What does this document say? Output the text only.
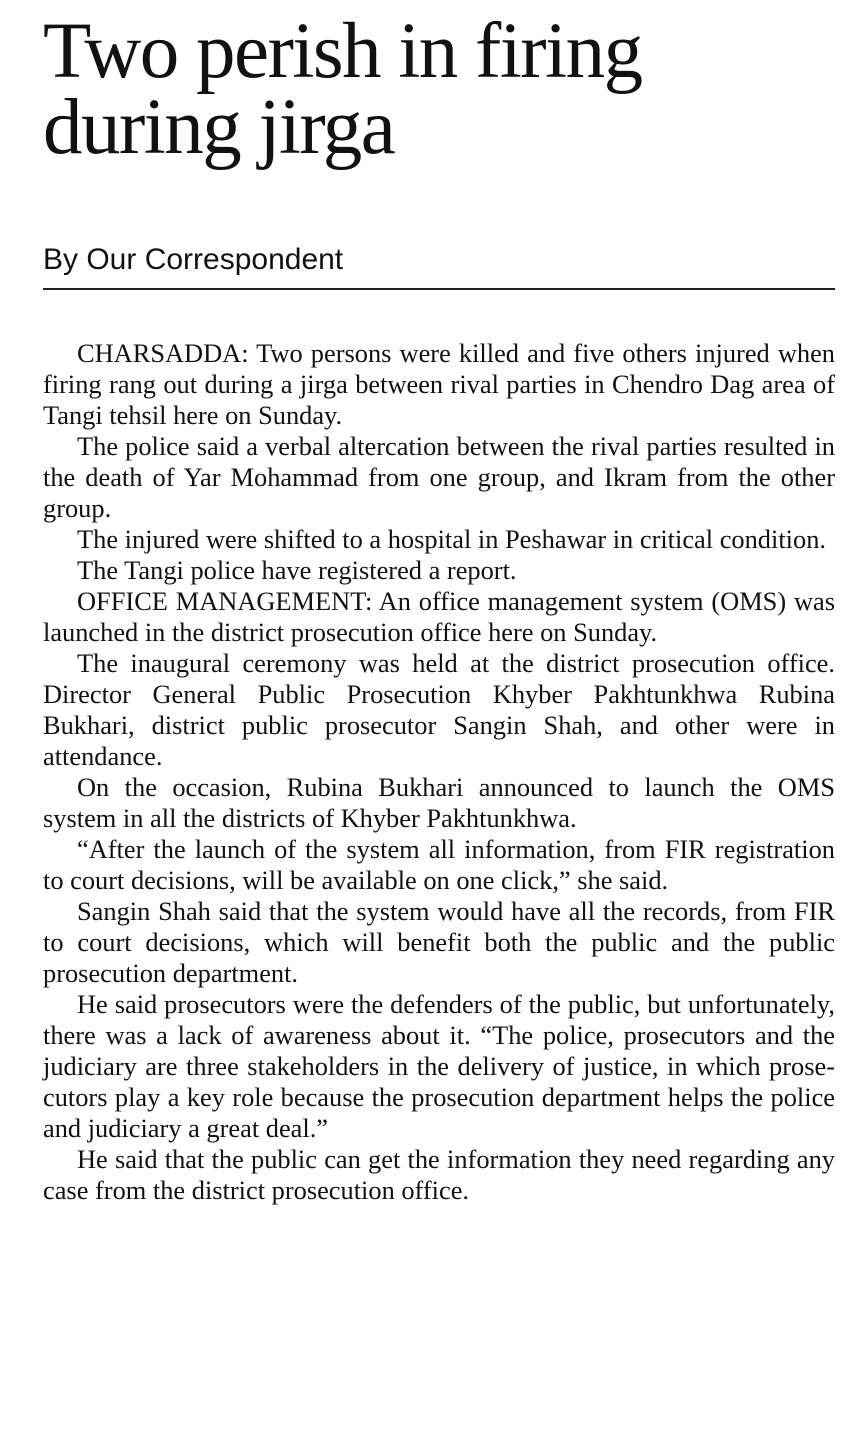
Two perish in firing
during jirga
By Our Correspondent

CHARSADDA: Two persons were killed and five others injured when firing rang out during a jirga between rival parties in Chendro Dag area of Tangi tehsil here on Sunday.

The police said a verbal altercation between the rival parties resulted in the death of Yar Mohammad from one group, and Ikram from the other group.

The injured were shifted to a hospital in Peshawar in critical condition.

The Tangi police have registered a report.

OFFICE MANAGEMENT: An office management system (OMS) was launched in the district prosecution office here on Sunday.

The inaugural ceremony was held at the district prosecution office. Director General Public Prosecution Khyber Pakhtunkhwa Rubina Bukhari, district public prosecutor Sangin Shah, and other were in attendance.

On the occasion, Rubina Bukhari announced to launch the OMS system in all the districts of Khyber Pakhtunkhwa.

“After the launch of the system all information, from FIR registration to court decisions, will be available on one click,” she said.

Sangin Shah said that the system would have all the records, from FIR to court decisions, which will benefit both the public and the public prosecution department.

He said prosecutors were the defenders of the public, but unfortunately, there was a lack of awareness about it. “The police, prosecutors and the judiciary are three stakeholders in the delivery of justice, in which prosecutors play a key role because the prosecution department helps the police and judiciary a great deal.”

He said that the public can get the information they need regarding any case from the district prosecution office.
